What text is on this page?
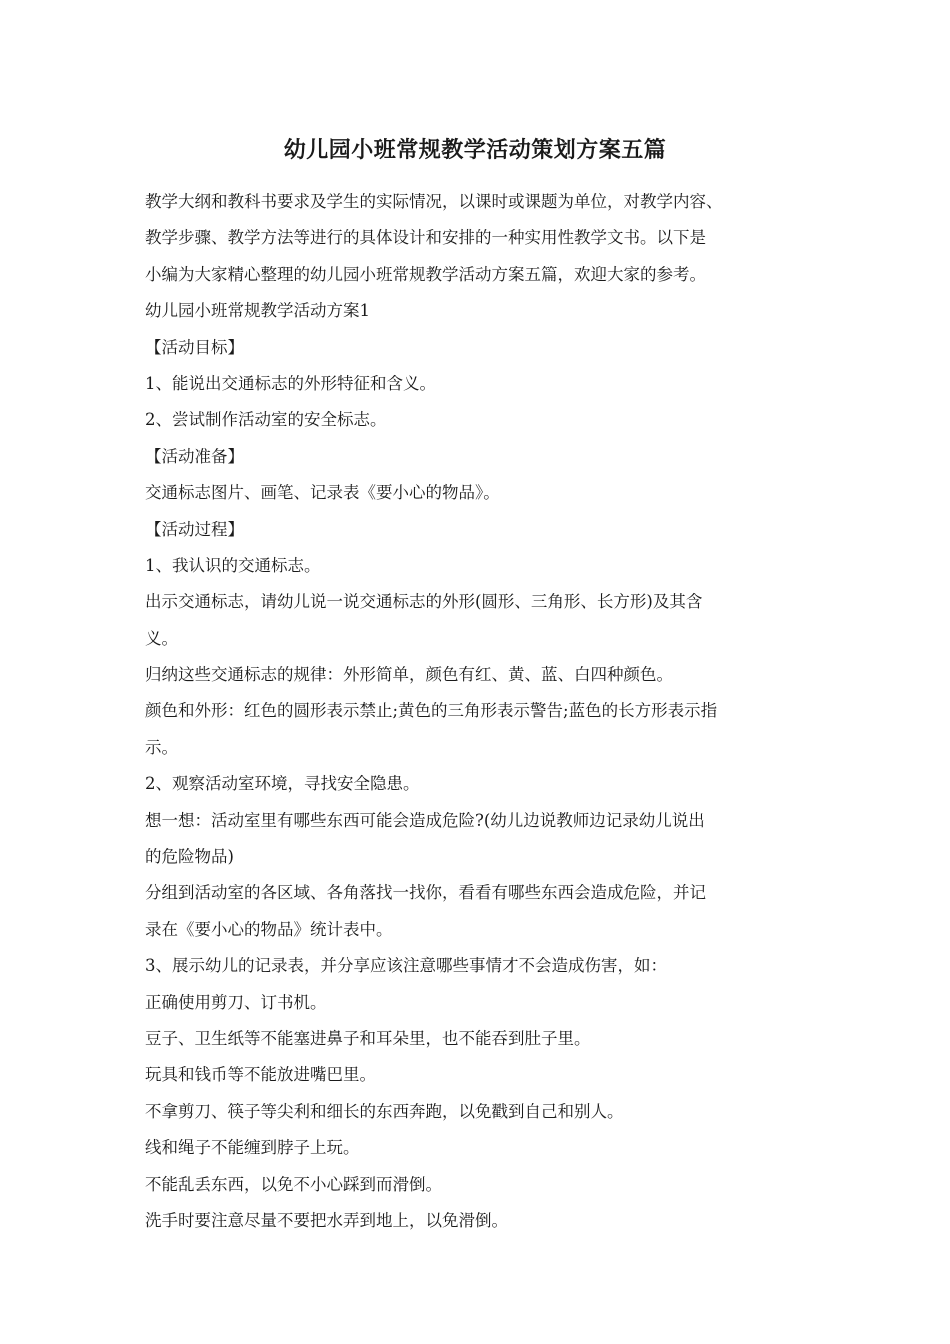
幼儿园小班常规教学活动策划方案五篇
教学大纲和教科书要求及学生的实际情况，以课时或课题为单位，对教学内容、
教学步骤、教学方法等进行的具体设计和安排的一种实用性教学文书。以下是
小编为大家精心整理的幼儿园小班常规教学活动方案五篇，欢迎大家的参考。
幼儿园小班常规教学活动方案1
【活动目标】
1、能说出交通标志的外形特征和含义。
2、尝试制作活动室的安全标志。
【活动准备】
交通标志图片、画笔、记录表《要小心的物品》。
【活动过程】
1、我认识的交通标志。
出示交通标志，请幼儿说一说交通标志的外形(圆形、三角形、长方形)及其含
义。
归纳这些交通标志的规律：外形简单，颜色有红、黄、蓝、白四种颜色。
颜色和外形：红色的圆形表示禁止;黄色的三角形表示警告;蓝色的长方形表示指
示。
2、观察活动室环境，寻找安全隐患。
想一想：活动室里有哪些东西可能会造成危险?(幼儿边说教师边记录幼儿说出
的危险物品)
分组到活动室的各区域、各角落找一找你，看看有哪些东西会造成危险，并记
录在《要小心的物品》统计表中。
3、展示幼儿的记录表，并分享应该注意哪些事情才不会造成伤害，如：
正确使用剪刀、订书机。
豆子、卫生纸等不能塞进鼻子和耳朵里，也不能吞到肚子里。
玩具和钱币等不能放进嘴巴里。
不拿剪刀、筷子等尖利和细长的东西奔跑，以免戳到自己和别人。
线和绳子不能缠到脖子上玩。
不能乱丢东西，以免不小心踩到而滑倒。
洗手时要注意尽量不要把水弄到地上，以免滑倒。
